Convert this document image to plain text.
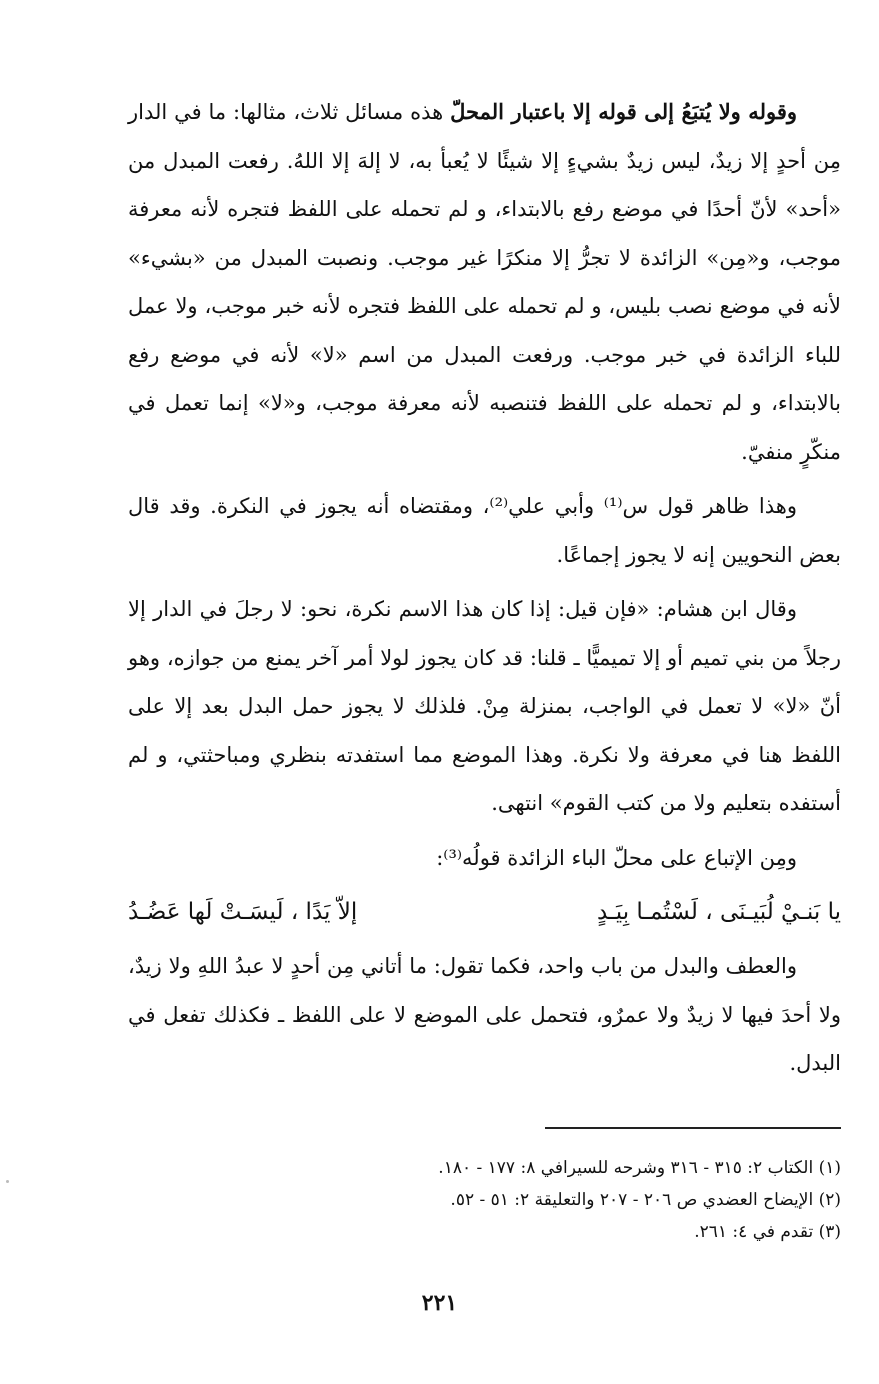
وقوله ولا يُتبَعُ إلى قوله إلا باعتبار المحلّ هذه مسائل ثلاث، مثالها: ما في الدار مِن أحدٍ إلا زيدٌ، ليس زيدٌ بشيءٍ إلا شيئًا لا يُعبأ به، لا إلهَ إلا اللهُ. رفعت المبدل من «أحد» لأنّ أحدًا في موضع رفع بالابتداء، و لم تحمله على اللفظ فتجره لأنه معرفة موجب، و«مِن» الزائدة لا تجرُّ إلا منكرًا غير موجب. ونصبت المبدل من «بشيء» لأنه في موضع نصب بليس، و لم تحمله على اللفظ فتجره لأنه خبر موجب، ولا عمل للباء الزائدة في خبر موجب. ورفعت المبدل من اسم «لا» لأنه في موضع رفع بالابتداء، و لم تحمله على اللفظ فتنصبه لأنه معرفة موجب، و«لا» إنما تعمل في منكّرٍ منفيّ.

وهذا ظاهر قول س⁽¹⁾ وأبي علي⁽²⁾، ومقتضاه أنه يجوز في النكرة. وقد قال بعض النحويين إنه لا يجوز إجماعًا.

وقال ابن هشام: «فإن قيل: إذا كان هذا الاسم نكرة، نحو: لا رجلَ في الدار إلا رجلاً من بني تميم أو إلا تميميًّا ـ قلنا: قد كان يجوز لولا أمر آخر يمنع من جوازه، وهو أنّ «لا» لا تعمل في الواجب، بمنزلة مِنْ. فلذلك لا يجوز حمل البدل بعد إلا على اللفظ هنا في معرفة ولا نكرة. وهذا الموضع مما استفدته بنظري ومباحثتي، و لم أستفده بتعليم ولا من كتب القوم» انتهى.

ومِن الإتباع على محلّ الباء الزائدة قولُه⁽³⁾:

يا بَنـيْ لُبَيـنَى ، لَسْتُمـا بِيَـدٍ
إلاّ يَدًا ، لَيسَـتْ لَها عَضُـدُ

والعطف والبدل من باب واحد، فكما تقول: ما أتاني مِن أحدٍ لا عبدُ اللهِ ولا زيدٌ، ولا أحدَ فيها لا زيدٌ ولا عمرٌو، فتحمل على الموضع لا على اللفظ ـ فكذلك تفعل في البدل.

(١) الكتاب ٢: ٣١٥ - ٣١٦ وشرحه للسيرافي ٨: ١٧٧ - ١٨٠.

(٢) الإيضاح العضدي ص ٢٠٦ - ٢٠٧ والتعليقة ٢: ٥١ - ٥٢.

(٣) تقدم في ٤: ٢٦١.

٢٢١
